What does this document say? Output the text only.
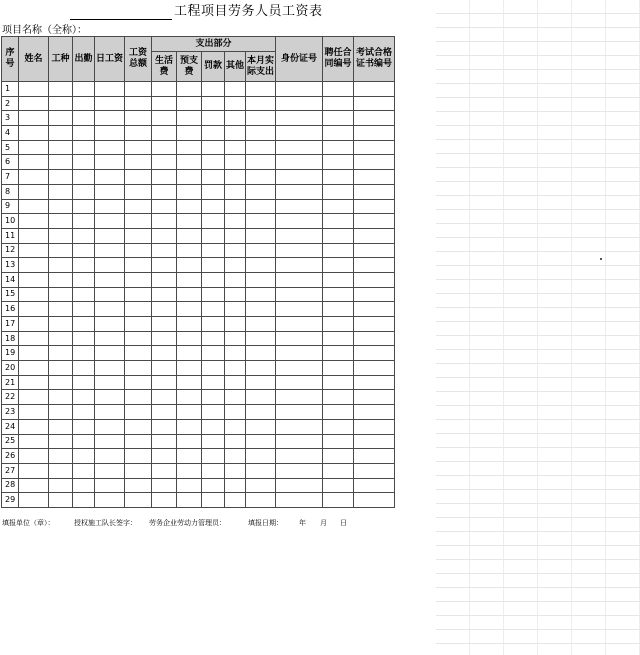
工程项目劳务人员工资表
项目名称（全称）：
序号	姓名	工种	出勤	日工资	工资总额	支出部分					身份证号	聘任合同编号	考试合格证书编号
						生活费	预支费	罚款	其他	本月实际支出			
1													
2													
3													
4													
5													
6													
7													
8													
9													
10													
11													
12													
13													
14													
15													
16													
17													
18													
19													
20													
21													
22													
23													
24													
25													
26													
27													
28													
29													
填报单位（章）：	授权施工队长签字： 劳务企业劳动力管理员：	填报日期： 年 月 日
